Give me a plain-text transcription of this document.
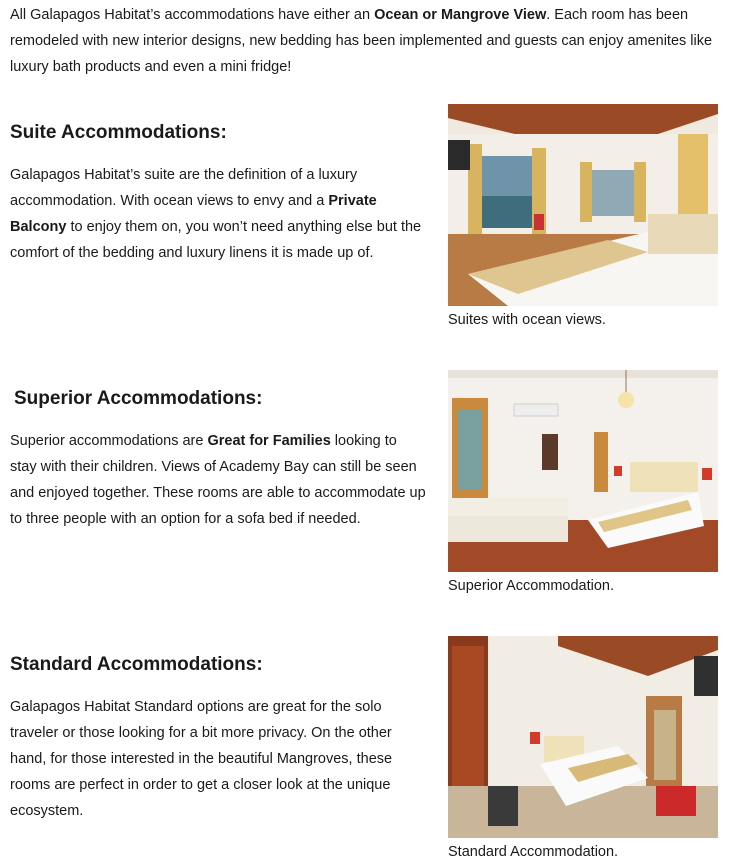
All Galapagos Habitat’s accommodations have either an Ocean or Mangrove View. Each room has been remodeled with new interior designs, new bedding has been implemented and guests can enjoy amenites like luxury bath products and even a mini fridge!

Suite Accommodations:

Galapagos Habitat’s suite are the definition of a luxury accommodation. With ocean views to envy and a Private Balcony to enjoy them on, you won’t need anything else but the comfort of the bedding and luxury linens it is made up of.

Suites with ocean views.
Superior Accommodations:

Superior accommodations are Great for Families looking to stay with their children. Views of Academy Bay can still be seen and enjoyed together. These rooms are able to accommodate up to three people with an option for a sofa bed if needed.

Superior Accommodation.
Standard Accommodations:

Galapagos Habitat Standard options are great for the solo traveler or those looking for a bit more privacy. On the other hand, for those interested in the beautiful Mangroves, these rooms are perfect in order to get a closer look at the unique ecosystem.

Standard Accommodation.
